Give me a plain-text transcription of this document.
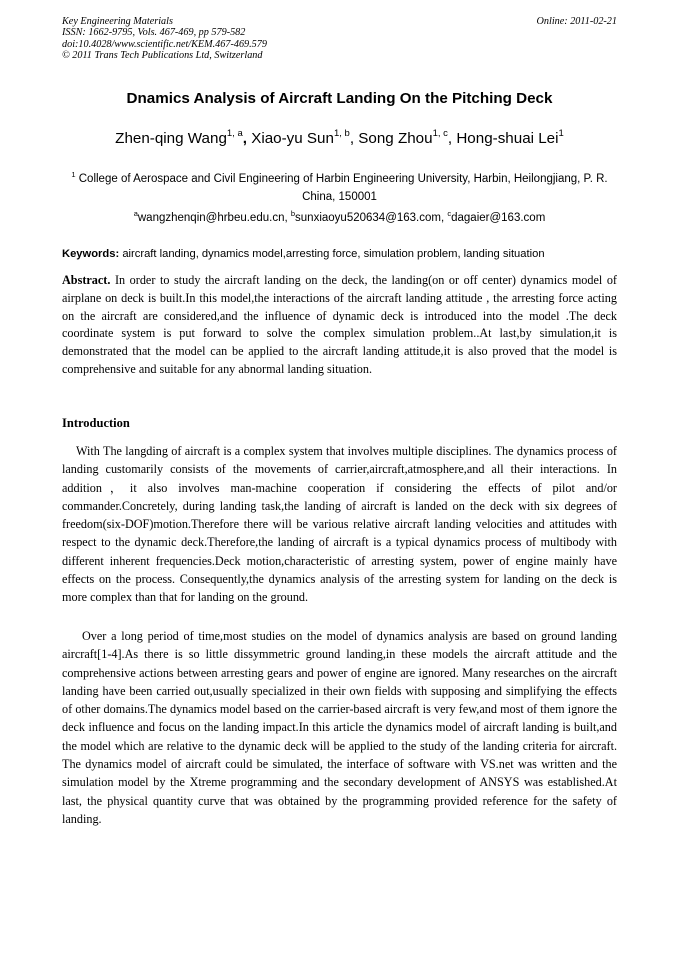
Key Engineering Materials
ISSN: 1662-9795, Vols. 467-469, pp 579-582
doi:10.4028/www.scientific.net/KEM.467-469.579
© 2011 Trans Tech Publications Ltd, Switzerland
Online: 2011-02-21
Dnamics Analysis of Aircraft Landing On the Pitching Deck
Zhen-qing Wang$^{1, a}$, Xiao-yu Sun$^{1, b}$, Song Zhou$^{1, c}$, Hong-shuai Lei$^1$
$^1$ College of Aerospace and Civil Engineering of Harbin Engineering University, Harbin, Heilongjiang, P. R. China, 150001
$^a$wangzhenqin@hrbeu.edu.cn, $^b$sunxiaoyu520634@163.com, $^c$dagaier@163.com
Keywords: aircraft landing, dynamics model,arresting force, simulation problem, landing situation
Abstract. In order to study the aircraft landing on the deck, the landing(on or off center) dynamics model of airplane on deck is built.In this model,the interactions of the aircraft landing attitude , the arresting force acting on the aircraft are considered,and the influence of dynamic deck is introduced into the model .The deck coordinate system is put forward to solve the complex simulation problem..At last,by simulation,it is demonstrated that the model can be applied to the aircraft landing attitude,it is also proved that the model is comprehensive and suitable for any abnormal landing situation.
Introduction
With The langding of aircraft is a complex system that involves multiple disciplines. The dynamics process of landing customarily consists of the movements of carrier,aircraft,atmosphere,and all their interactions. In addition，it also involves man-machine cooperation if considering the effects of pilot and/or commander.Concretely, during landing task,the landing of aircraft is landed on the deck with six degrees of freedom(six-DOF)motion.Therefore there will be various relative aircraft landing velocities and attitudes with respect to the dynamic deck.Therefore,the landing of aircraft is a typical dynamics process of multibody with different inherent frequencies.Deck motion,characteristic of arresting system, power of engine mainly have effects on the process. Consequently,the dynamics analysis of the arresting system for landing on the deck is more complex than that for landing on the ground.
Over a long period of time,most studies on the model of dynamics analysis are based on ground landing aircraft[1-4].As there is so little dissymmetric ground landing,in these models the aircraft attitude and the comprehensive actions between arresting gears and power of engine are ignored. Many researches on the aircraft landing have been carried out,usually specialized in their own fields with supposing and simplifying the effects of other domains.The dynamics model based on the carrier-based aircraft is very few,and most of them ignore the deck influence and focus on the landing impact.In this article the dynamics model of aircraft landing is built,and the model which are relative to the dynamic deck will be applied to the study of the landing criteria for aircraft. The dynamics model of aircraft could be simulated, the interface of software with VS.net was written and the simulation model by the Xtreme programming and the secondary development of ANSYS was established.At last, the physical quantity curve that was obtained by the programming provided reference for the safety of landing.
